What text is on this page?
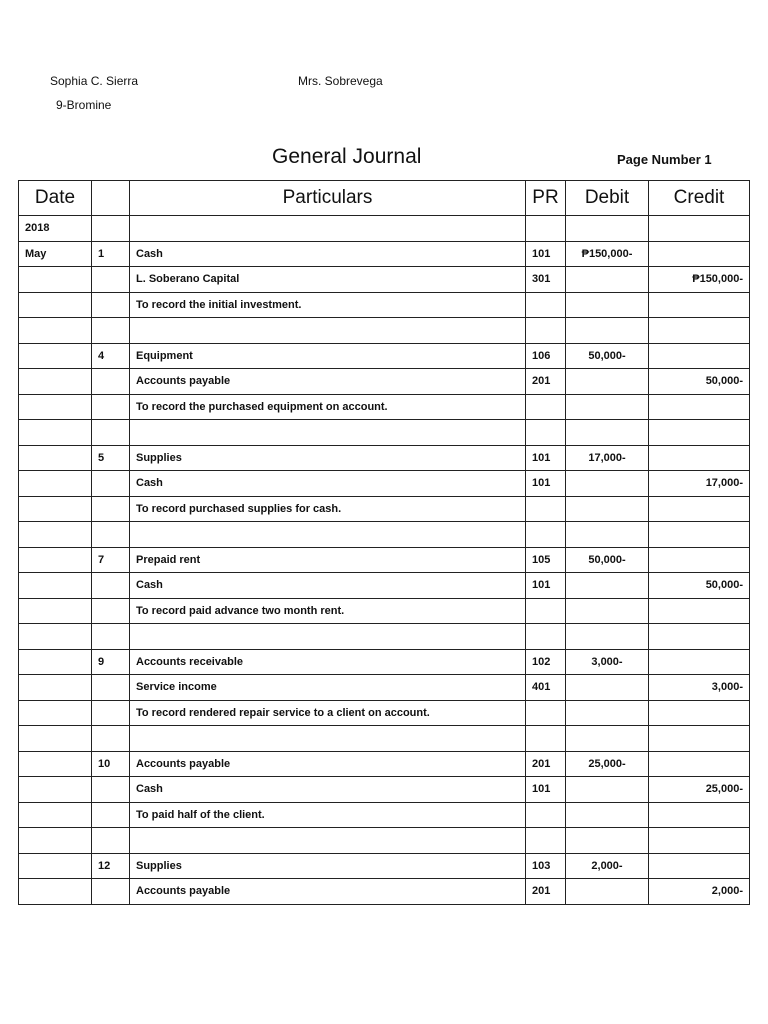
Sophia C. Sierra	Mrs. Sobrevega
9-Bromine
General Journal	Page Number 1
Date		Particulars	PR	Debit	Credit
2018					
May	1	Cash	101	₱150,000-	
		L. Soberano Capital	301		₱150,000-
		To record the initial investment.			

	4	Equipment	106	50,000-	
		Accounts payable	201		50,000-
		To record the purchased equipment on account.			

	5	Supplies	101	17,000-	
		Cash	101		17,000-
		To record purchased supplies for cash.			

	7	Prepaid rent	105	50,000-	
		Cash	101		50,000-
		To record paid advance two month rent.			

	9	Accounts receivable	102	3,000-	
		Service income	401		3,000-
		To record rendered repair service to a client on account.			

	10	Accounts payable	201	25,000-	
		Cash	101		25,000-
		To paid half of the client.			

	12	Supplies	103	2,000-	
		Accounts payable	201		2,000-
